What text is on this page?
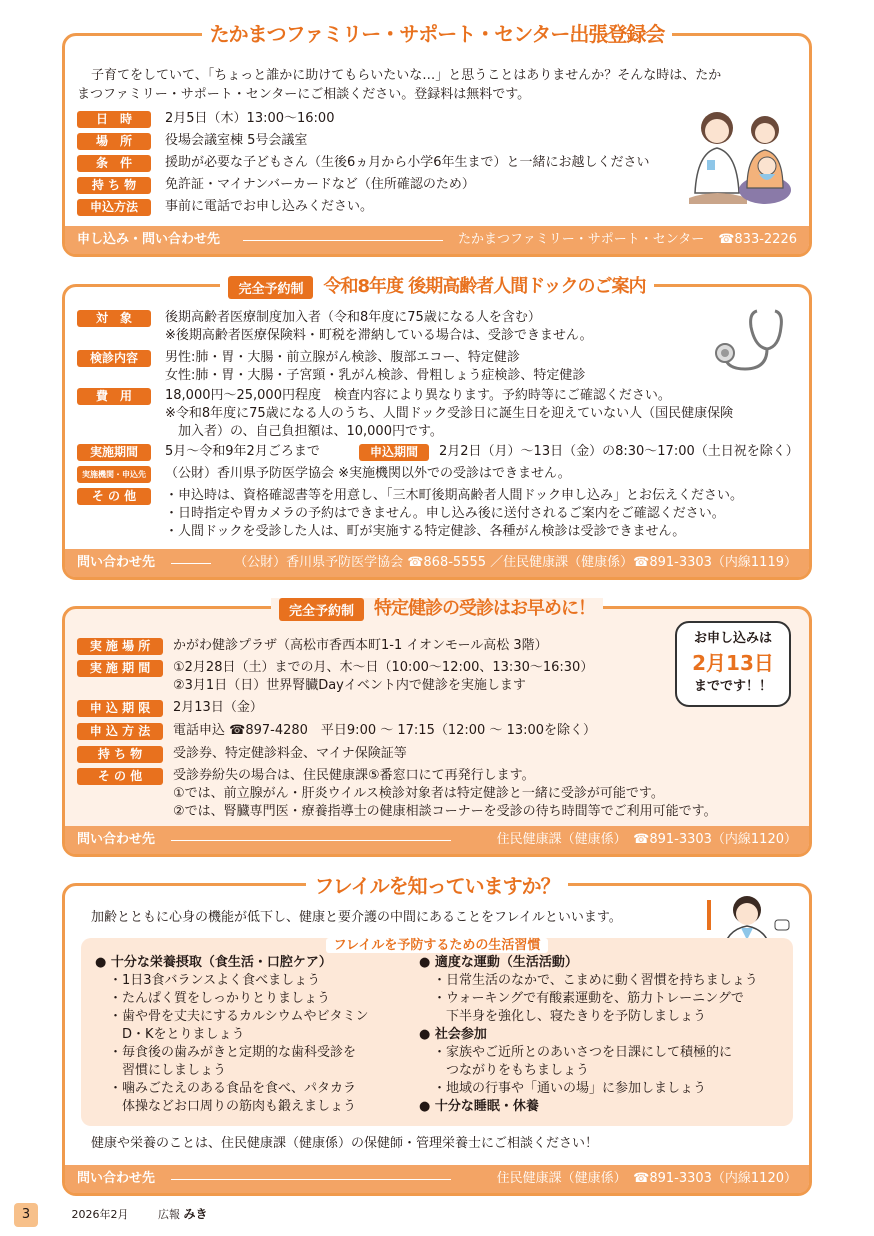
たかまつファミリー・サポート・センター出張登録会
子育てをしていて、「ちょっと誰かに助けてもらいたいな…」と思うことはありませんか？そんな時は、たか
まつファミリー・サポート・センターにご相談ください。登録料は無料です。
日　時	2月5日（木）13:00〜16:00
場　所	役場会議室棟 5号会議室
条　件	援助が必要な子どもさん（生後6ヵ月から小学6年生まで）と一緒にお越しください
持 ち 物	免許証・マイナンバーカードなど（住所確認のため）
申込方法	事前に電話でお申し込みください。
申し込み・問い合わせ先	☎833-2226
たかまつファミリー・サポート・センター
完全予約制 令和8年度 後期高齢者人間ドックのご案内
対　象	後期高齢者医療制度加入者（令和8年度に75歳になる人を含む）
※後期高齢者医療保険料・町税を滞納している場合は、受診できません。
検診内容	男性:肺・胃・大腸・前立腺がん検診、腹部エコー、特定健診
女性:肺・胃・大腸・子宮頸・乳がん検診、骨粗しょう症検診、特定健診
費　用	18,000円〜25,000円程度　検査内容により異なります。予約時等にご確認ください。
※令和8年度に75歳になる人のうち、人間ドック受診日に誕生日を迎えていない人（国民健康保険
　加入者）の、自己負担額は、10,000円です。
実施期間	5月〜令和9年2月ごろまで	申込期間	2月2日（月）〜13日（金）の8:30〜17:00（土日祝を除く）
実施機関・申込先	（公財）香川県予防医学協会 ※実施機関以外での受診はできません。
そ の 他	・申込時は、資格確認書等を用意し、「三木町後期高齢者人間ドック申し込み」とお伝えください。
・日時指定や胃カメラの予約はできません。申し込み後に送付されるご案内をご確認ください。
・人間ドックを受診した人は、町が実施する特定健診、各種がん検診は受診できません。
問い合わせ先	（公財）香川県予防医学協会 ☎868-5555 ／住民健康課（健康係）☎891-3303（内線1119）
完全予約制 特定健診の受診はお早めに！
実 施 場 所	かがわ健診プラザ（高松市香西本町1-1 イオンモール高松 3階）
実 施 期 間	①2月28日（土）までの月、木〜日（10:00〜12:00、13:30〜16:30）
②3月1日（日）世界腎臓Dayイベント内で健診を実施します
申 込 期 限	2月13日（金）
申 込 方 法	電話申込 ☎897-4280　平日9:00 〜 17:15（12:00 〜 13:00を除く）
持 ち 物	受診券、特定健診料金、マイナ保険証等
そ の 他	受診券紛失の場合は、住民健康課⑤番窓口にて再発行します。
①では、前立腺がん・肝炎ウイルス検診対象者は特定健診と一緒に受診が可能です。
②では、腎臓専門医・療養指導士の健康相談コーナーを受診の待ち時間等でご利用可能です。
お申し込みは
2月13日
までです！！
問い合わせ先	住民健康課（健康係）　☎891-3303（内線1120）
フレイルを知っていますか？
加齢とともに心身の機能が低下し、健康と要介護の中間にあることをフレイルといいます。
フレイルを予防するための生活習慣
● 十分な栄養摂取（食生活・口腔ケア）
・1日3食バランスよく食べましょう
・たんぱく質をしっかりとりましょう
・歯や骨を丈夫にするカルシウムやビタミン
　D・Kをとりましょう
・毎食後の歯みがきと定期的な歯科受診を
　習慣にしましょう
・噛みごたえのある食品を食べ、パタカラ
　体操などお口周りの筋肉も鍛えましょう
● 適度な運動（生活活動）
・日常生活のなかで、こまめに動く習慣を持ちましょう
・ウォーキングで有酸素運動を、筋力トレーニングで
　下半身を強化し、寝たきりを予防しましょう
● 社会参加
・家族やご近所とのあいさつを日課にして積極的に
　つながりをもちましょう
・地域の行事や「通いの場」に参加しましょう
● 十分な睡眠・休養
健康や栄養のことは、住民健康課（健康係）の保健師・管理栄養士にご相談ください！
問い合わせ先	住民健康課（健康係）　☎891-3303（内線1120）
3	2026年2月	広報 みき
